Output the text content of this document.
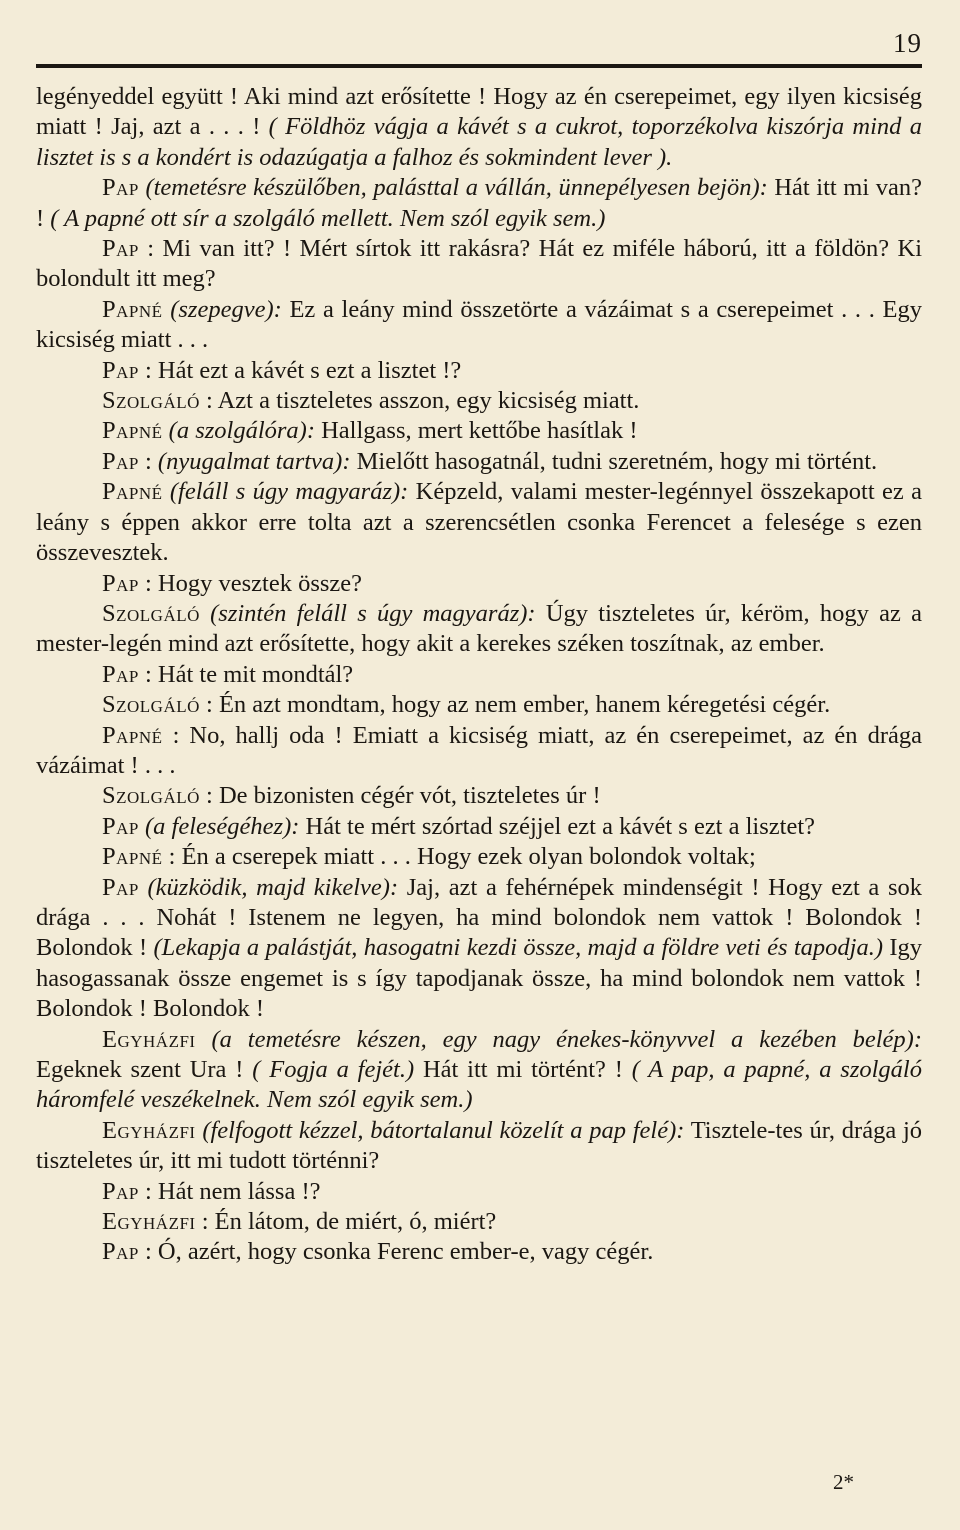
19

legényeddel együtt ! Aki mind azt erősítette ! Hogy az én cserepeimet, egy ilyen kicsiség miatt ! Jaj, azt a . . . ! ( Földhöz vágja a kávét s a cukrot, toporzékolva kiszórja mind a lisztet is s a kondért is odazúgatja a falhoz és sokmindent lever ).

Pap (temetésre készülőben, palásttal a vállán, ünnepélyesen bejön): Hát itt mi van? ! ( A papné ott sír a szolgáló mellett. Nem szól egyik sem.)

Pap : Mi van itt? ! Mért sírtok itt rakásra? Hát ez miféle háború, itt a földön? Ki bolondult itt meg?

Papné (szepegve): Ez a leány mind összetörte a vázáimat s a cserepeimet . . . Egy kicsiség miatt . . .

Pap : Hát ezt a kávét s ezt a lisztet !?

Szolgáló : Azt a tiszteletes asszon, egy kicsiség miatt.

Papné (a szolgálóra): Hallgass, mert kettőbe hasítlak !

Pap : (nyugalmat tartva): Mielőtt hasogatnál, tudni szeretném, hogy mi történt.

Papné (feláll s úgy magyaráz): Képzeld, valami mester-legénnyel összekapott ez a leány s éppen akkor erre tolta azt a szerencsétlen csonka Ferencet a felesége s ezen összevesztek.

Pap : Hogy vesztek össze?

Szolgáló (szintén feláll s úgy magyaráz): Úgy tiszteletes úr, kéröm, hogy az a mester-legén mind azt erősítette, hogy akit a kerekes széken toszítnak, az ember.

Pap : Hát te mit mondtál?

Szolgáló : Én azt mondtam, hogy az nem ember, hanem kéregetési cégér.

Papné : No, hallj oda ! Emiatt a kicsiség miatt, az én cserepeimet, az én drága vázáimat ! . . .

Szolgáló : De bizonisten cégér vót, tiszteletes úr !

Pap (a feleségéhez): Hát te mért szórtad széjjel ezt a kávét s ezt a lisztet?

Papné : Én a cserepek miatt . . . Hogy ezek olyan bolondok voltak;

Pap (küzködik, majd kikelve): Jaj, azt a fehérnépek mindenségit ! Hogy ezt a sok drága . . . Nohát ! Istenem ne legyen, ha mind bolondok nem vattok ! Bolondok ! Bolondok ! (Lekapja a palástját, hasogatni kezdi össze, majd a földre veti és tapodja.) Igy hasogassanak össze engemet is s így tapodjanak össze, ha mind bolondok nem vattok ! Bolondok ! Bolondok !

Egyházfi (a temetésre készen, egy nagy énekes-könyvvel a kezében belép): Egeknek szent Ura ! ( Fogja a fejét.) Hát itt mi történt? ! ( A pap, a papné, a szolgáló háromfelé veszékelnek. Nem szól egyik sem.)

Egyházfi (felfogott kézzel, bátortalanul közelít a pap felé): Tisztele-tes úr, drága jó tiszteletes úr, itt mi tudott történni?

Pap : Hát nem lássa !?

Egyházfi : Én látom, de miért, ó, miért?

Pap : Ó, azért, hogy csonka Ferenc ember-e, vagy cégér.

2*
